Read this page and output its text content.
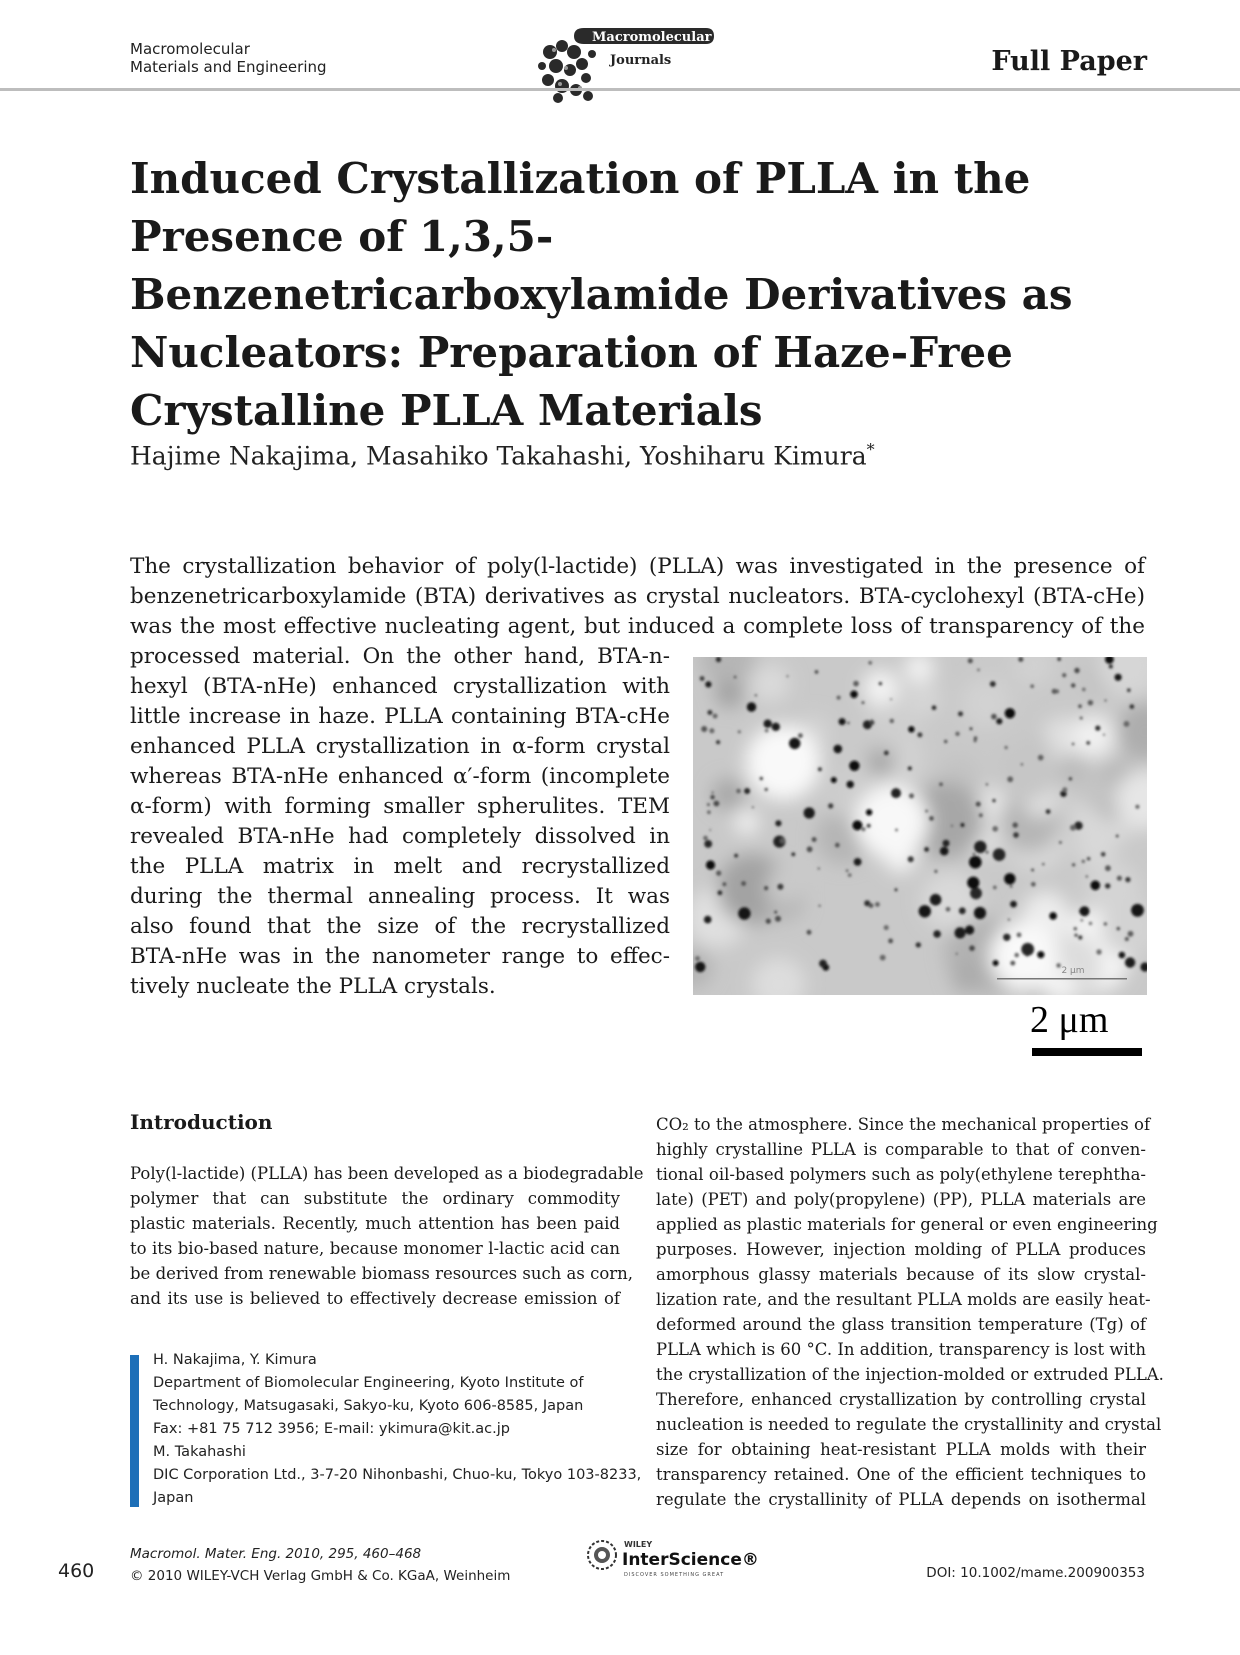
Macromolecular
Materials and Engineering
Macromolecular
Journals	Full Paper
Induced Crystallization of PLLA in the Presence of 1,3,5-Benzenetricarboxylamide Derivatives as Nucleators: Preparation of Haze-Free Crystalline PLLA Materials
Hajime Nakajima, Masahiko Takahashi, Yoshiharu Kimura*
The crystallization behavior of poly(l-lactide) (PLLA) was investigated in the presence of
benzenetricarboxylamide (BTA) derivatives as crystal nucleators. BTA-cyclohexyl (BTA-cHe)
was the most effective nucleating agent, but induced a complete loss of transparency of the
processed material. On the other hand, BTA-n-
hexyl (BTA-nHe) enhanced crystallization with
little increase in haze. PLLA containing BTA-cHe
enhanced PLLA crystallization in α-form crystal
whereas BTA-nHe enhanced α′-form (incomplete
α-form) with forming smaller spherulites. TEM
revealed BTA-nHe had completely dissolved in
the PLLA matrix in melt and recrystallized
during the thermal annealing process. It was
also found that the size of the recrystallized
BTA-nHe was in the nanometer range to effec-
tively nucleate the PLLA crystals.
2 μm
2 μm
Introduction
Poly(l-lactide) (PLLA) has been developed as a biodegradable
polymer that can substitute the ordinary commodity
plastic materials. Recently, much attention has been paid
to its bio-based nature, because monomer l-lactic acid can
be derived from renewable biomass resources such as corn,
and its use is believed to effectively decrease emission of
CO₂ to the atmosphere. Since the mechanical properties of
highly crystalline PLLA is comparable to that of conven-
tional oil-based polymers such as poly(ethylene terephtha-
late) (PET) and poly(propylene) (PP), PLLA materials are
applied as plastic materials for general or even engineering
purposes. However, injection molding of PLLA produces
amorphous glassy materials because of its slow crystal-
lization rate, and the resultant PLLA molds are easily heat-
deformed around the glass transition temperature (Tg) of
PLLA which is 60 °C. In addition, transparency is lost with
the crystallization of the injection-molded or extruded PLLA.
Therefore, enhanced crystallization by controlling crystal
nucleation is needed to regulate the crystallinity and crystal
size for obtaining heat-resistant PLLA molds with their
transparency retained. One of the efficient techniques to
regulate the crystallinity of PLLA depends on isothermal
H. Nakajima, Y. Kimura
Department of Biomolecular Engineering, Kyoto Institute of
Technology, Matsugasaki, Sakyo-ku, Kyoto 606-8585, Japan
Fax: +81 75 712 3956; E-mail: ykimura@kit.ac.jp
M. Takahashi
DIC Corporation Ltd., 3-7-20 Nihonbashi, Chuo-ku, Tokyo 103-8233,
Japan
460
Macromol. Mater. Eng. 2010, 295, 460–468
© 2010 WILEY-VCH Verlag GmbH & Co. KGaA, Weinheim
WILEY
InterScience®
DISCOVER SOMETHING GREAT	DOI: 10.1002/mame.200900353
